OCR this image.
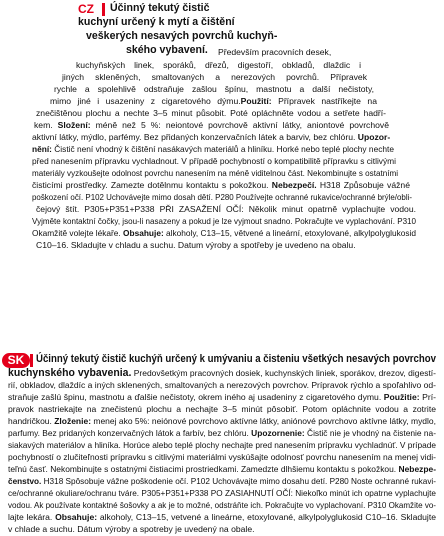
CZ	Účinný tekutý čistič
kuchyní určený k mytí a čištění
veškerých nesavých povrchů kuchyň-
ského vybavení. Především pracovních desek,
kuchyňských linek, sporáků, dřezů, digestoří, obkladů, dlaždic i
jiných skleněných, smaltovaných a nerezových povrchů. Přípravek
rychle a spolehlivě odstraňuje zašlou špínu, mastnotu a další nečistoty,
mimo jiné i usazeniny z cigaretového dýmu.Použití: Přípravek nastříkejte na
znečištěnou plochu a nechte 3–5 minut působit. Poté opláchněte vodou a setřete hadří-
kem. Složení: méně než 5 %: neiontové povrchově aktivní látky, aniontové povrchově
aktivní látky, mýdlo, parfémy. Bez přidaných konzervačních látek a barviv, bez chlóru. Upozor-
nění: Čistič není vhodný k čištění nasákavých materiálů a hliníku. Horké nebo teplé plochy nechte
před nanesením přípravku vychladnout. V případě pochybností o kompatibilitě přípravku s citlivými
materiály vyzkoušejte odolnost povrchu nanesením na méně viditelnou část. Nekombinujte s ostatními
čisticími prostředky. Zamezte dotělnmu kontaktu s pokožkou. Nebezpečí. H318 Způsobuje vážné
poškození očí. P102 Uchovávejte mimo dosah dětí. P280 Používejte ochranné rukavice/ochranné brýle/obli-
čejový štít. P305+P351+P338 PŘI ZASAŽENÍ OČÍ: Několik minut opatrně vyplachujte vodou.
Vyjměte kontaktní čočky, jsou-li nasazeny a pokud je lze vyjmout snadno. Pokračujte ve vyplachování. P310
Okamžitě volejte lékaře. Obsahuje: alkoholy, C13–15, větvené a lineární, etoxylované, alkylpolyglukosid
C10–16. Skladujte v chladu a suchu. Datum výroby a spotřeby je uvedeno na obalu.
SK	Účinný tekutý čistič kuchýň určený k umývaniu a čisteniu všetkých nesavých povrchov
kuchynského vybavenia. Predovšetkým pracovných dosiek, kuchynských liniek, sporákov, drezov, digestí-
rií, obkladov, dlaždíc a iných sklenených, smaltovaných a nerezových povrchov. Prípravok rýchlo a spoľahlivo od-
straňuje zašlú špinu, mastnotu a ďalšie nečistoty, okrem iného aj usadeniny z cigaretového dymu. Použitie: Prí-
pravok nastriekajte na znečistenú plochu a nechajte 3–5 minút pôsobiť. Potom opláchnite vodou a zotrite
handričkou. Zloženie: menej ako 5%: neiónové povrchovo aktívne látky, aniónové povrchovo aktívne látky, mydlo,
parfumy. Bez pridaných konzervačných látok a farbív, bez chlóru. Upozornenie: Čistič nie je vhodný na čistenie na-
siakavých materiálov a hliníka. Horúce alebo teplé plochy nechajte pred nanesením prípravku vychladnúť. V prípade
pochybností o zlučiteľnosti prípravku s citlivými materiálmi vyskúšajte odolnosť povrchu nanesením na menej vidi-
teľnú časť. Nekombinujte s ostatnými čistiacimi prostriedkami. Zamedzte dlhšiemu kontaktu s pokožkou. Nebezpe-
čenstvo. H318 Spôsobuje vážne poškodenie očí. P102 Uchovávajte mimo dosahu detí. P280 Noste ochranné rukavi-
ce/ochranné okuliare/ochranu tváre. P305+P351+P338 PO ZASIAHNUTÍ OČÍ: Niekoľko minút ich opatrne vyplachujte
vodou. Ak používate kontaktné šošovky a ak je to možné, odstráňte ich. Pokračujte vo vyplachovaní. P310 Okamžite vo-
lajte lekára. Obsahuje: alkoholy, C13–15, vetvené a lineárne, etoxylované, alkylpolyglukosid C10–16. Skladujte
v chlade a suchu. Dátum výroby a spotreby je uvedený na obale.
